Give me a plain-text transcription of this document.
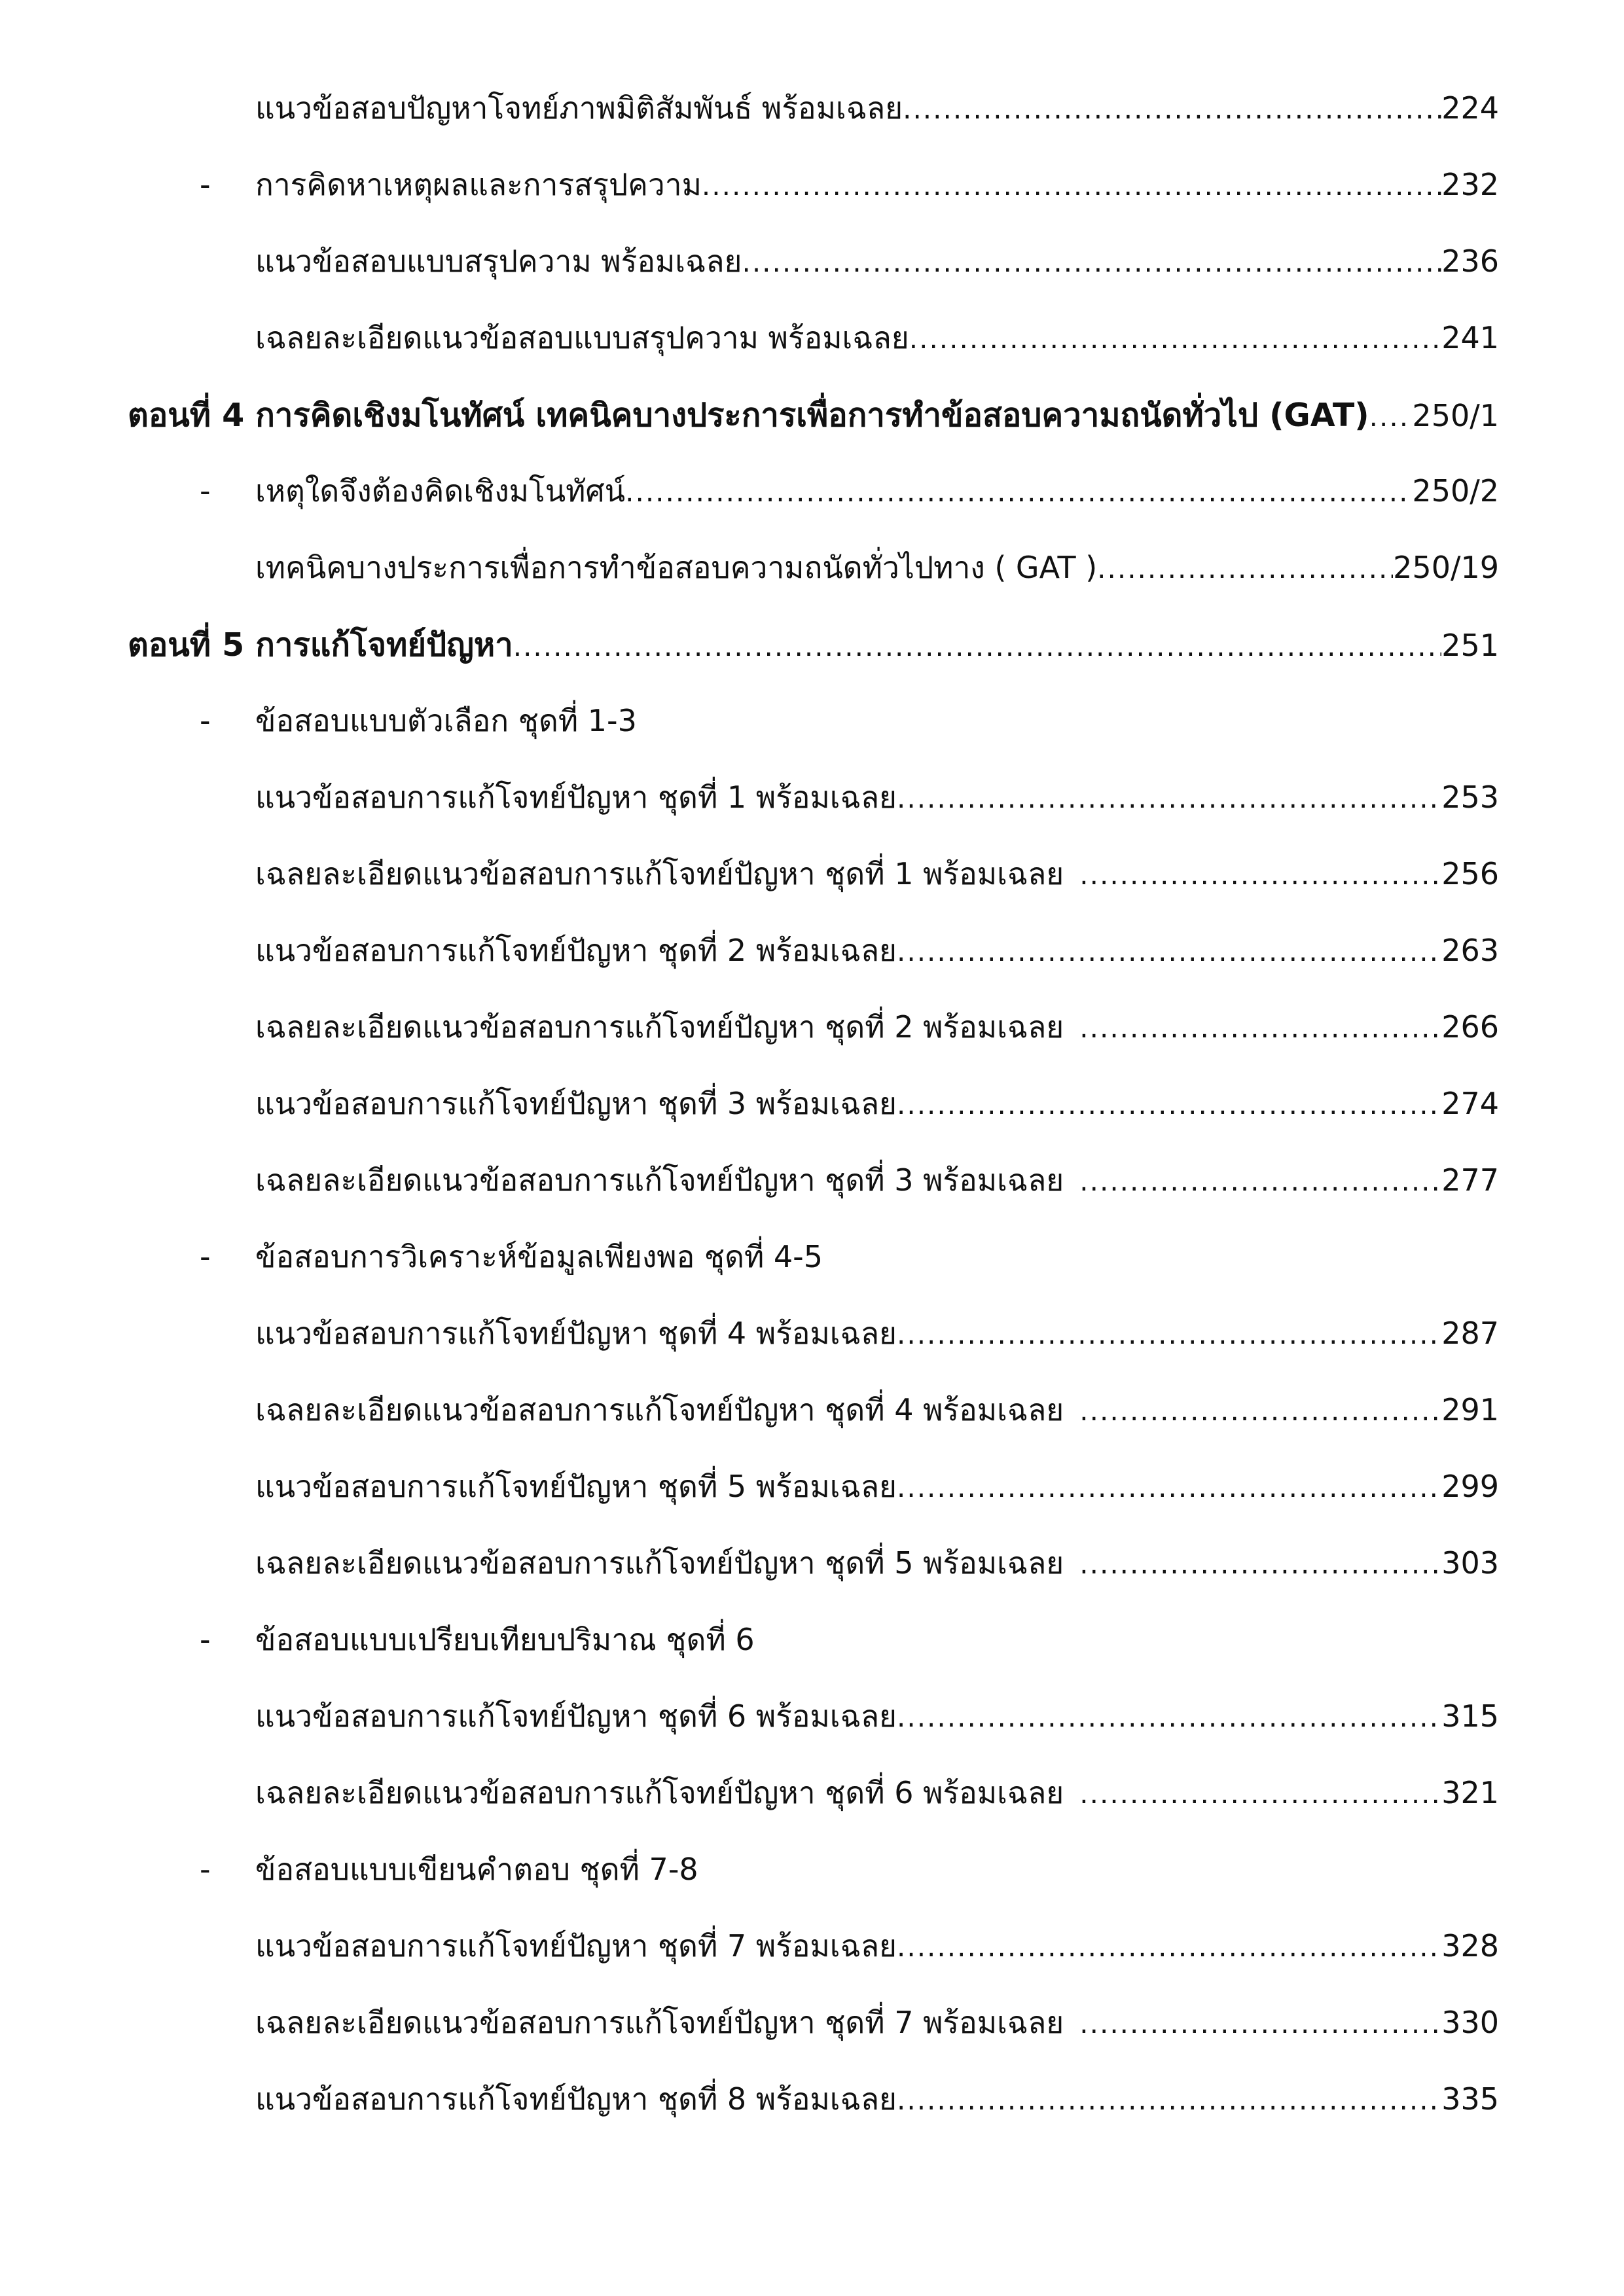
แนวข้อสอบปัญหาโจทย์ภาพมิติสัมพันธ์ พร้อมเฉลย .....	224
-	การคิดหาเหตุผลและการสรุปความ .....	232
แนวข้อสอบแบบสรุปความ พร้อมเฉลย .....	236
เฉลยละเอียดแนวข้อสอบแบบสรุปความ พร้อมเฉลย .....	241
ตอนที่ 4 การคิดเชิงมโนทัศน์ เทคนิคบางประการเพื่อการทำข้อสอบความถนัดทั่วไป (GAT) ..... 250/1
-	เหตุใดจึงต้องคิดเชิงมโนทัศน์ .....	250/2
เทคนิคบางประการเพื่อการทำข้อสอบความถนัดทั่วไปทาง ( GAT ) .....	250/19
ตอนที่ 5 การแก้โจทย์ปัญหา .....	251
-	ข้อสอบแบบตัวเลือก ชุดที่ 1-3
แนวข้อสอบการแก้โจทย์ปัญหา ชุดที่ 1 พร้อมเฉลย .....	253
เฉลยละเอียดแนวข้อสอบการแก้โจทย์ปัญหา ชุดที่ 1 พร้อมเฉลย .....	256
แนวข้อสอบการแก้โจทย์ปัญหา ชุดที่ 2 พร้อมเฉลย .....	263
เฉลยละเอียดแนวข้อสอบการแก้โจทย์ปัญหา ชุดที่ 2 พร้อมเฉลย .....	266
แนวข้อสอบการแก้โจทย์ปัญหา ชุดที่ 3 พร้อมเฉลย .....	274
เฉลยละเอียดแนวข้อสอบการแก้โจทย์ปัญหา ชุดที่ 3 พร้อมเฉลย .....	277
-	ข้อสอบการวิเคราะห์ข้อมูลเพียงพอ ชุดที่ 4-5
แนวข้อสอบการแก้โจทย์ปัญหา ชุดที่ 4 พร้อมเฉลย .....	287
เฉลยละเอียดแนวข้อสอบการแก้โจทย์ปัญหา ชุดที่ 4 พร้อมเฉลย .....	291
แนวข้อสอบการแก้โจทย์ปัญหา ชุดที่ 5 พร้อมเฉลย .....	299
เฉลยละเอียดแนวข้อสอบการแก้โจทย์ปัญหา ชุดที่ 5 พร้อมเฉลย .....	303
-	ข้อสอบแบบเปรียบเทียบปริมาณ ชุดที่ 6
แนวข้อสอบการแก้โจทย์ปัญหา ชุดที่ 6 พร้อมเฉลย .....	315
เฉลยละเอียดแนวข้อสอบการแก้โจทย์ปัญหา ชุดที่ 6 พร้อมเฉลย .....	321
-	ข้อสอบแบบเขียนคำตอบ ชุดที่ 7-8
แนวข้อสอบการแก้โจทย์ปัญหา ชุดที่ 7 พร้อมเฉลย .....	328
เฉลยละเอียดแนวข้อสอบการแก้โจทย์ปัญหา ชุดที่ 7 พร้อมเฉลย .....	330
แนวข้อสอบการแก้โจทย์ปัญหา ชุดที่ 8 พร้อมเฉลย .....	335
